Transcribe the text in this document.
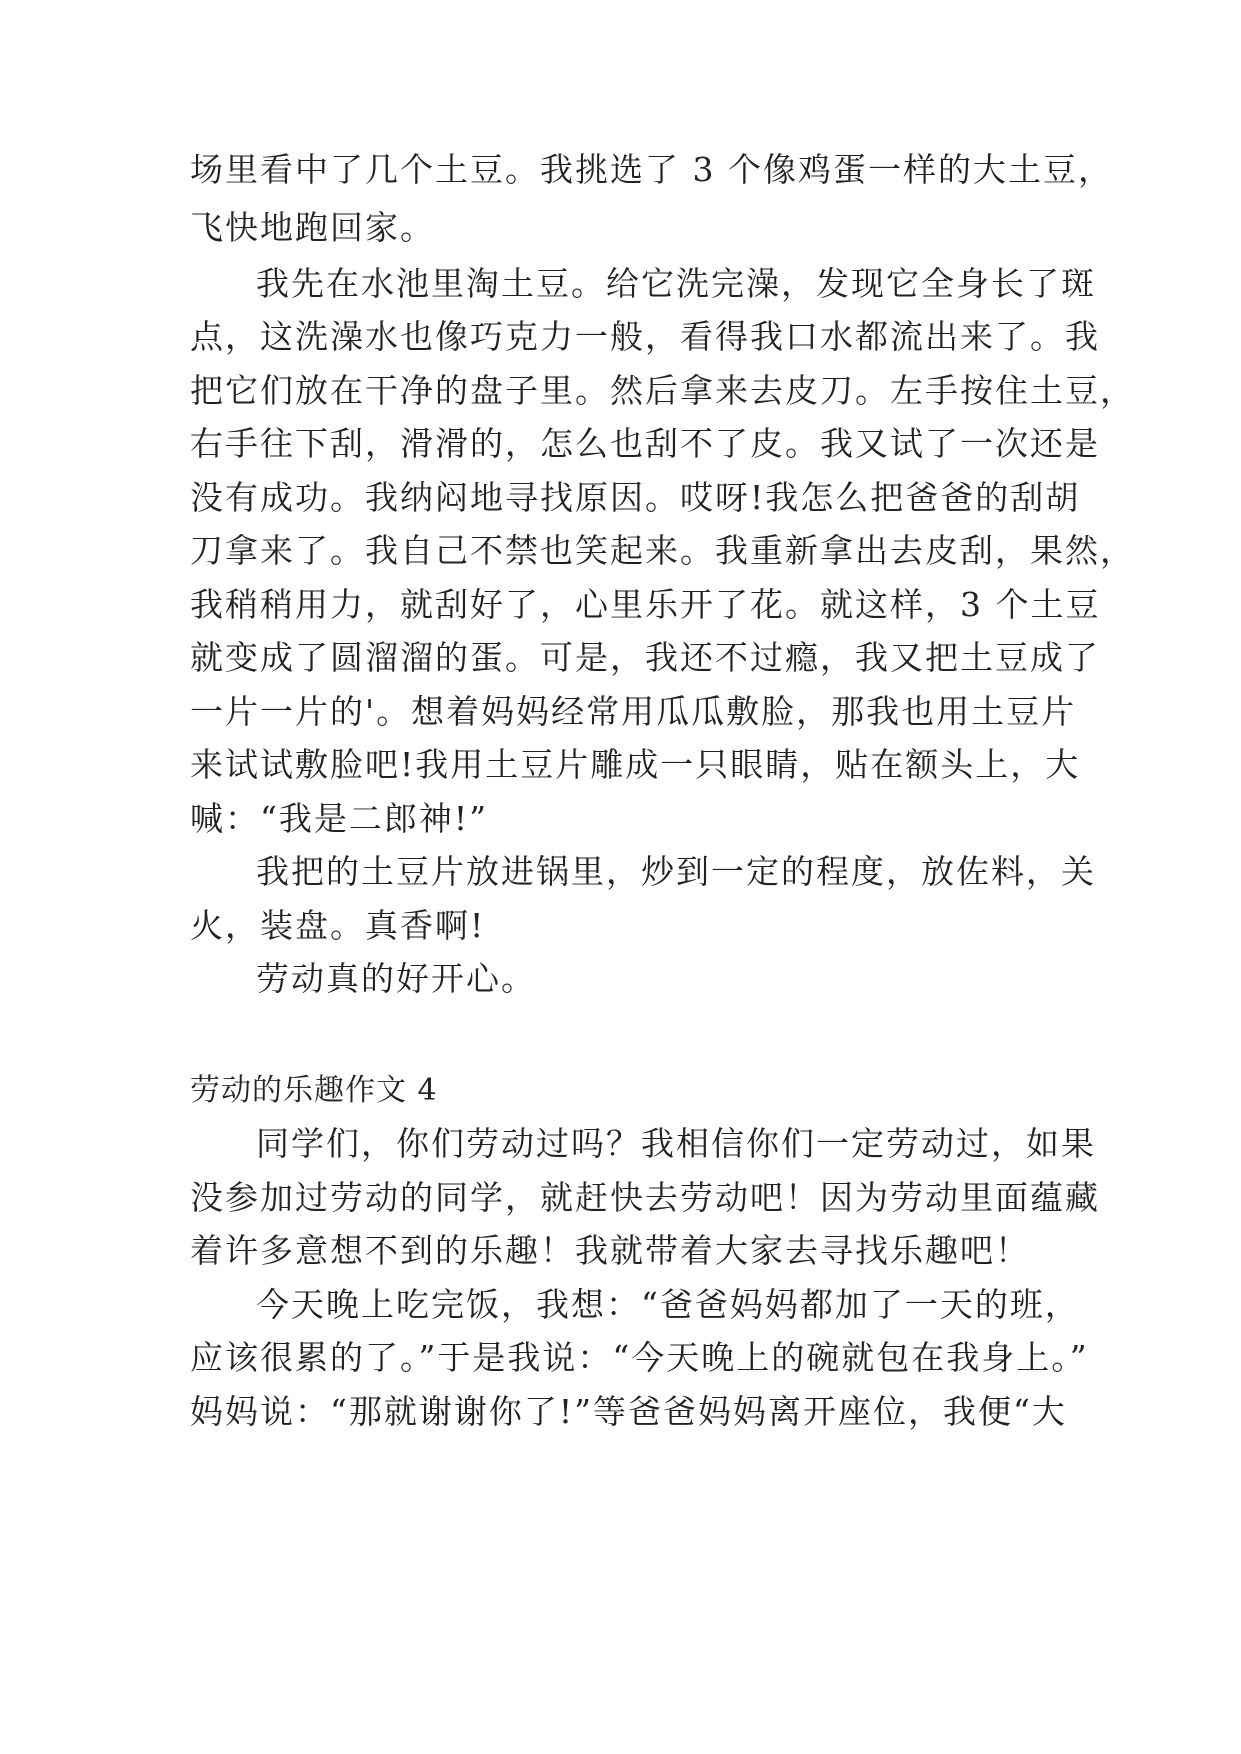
场里看中了几个土豆。我挑选了 3 个像鸡蛋一样的大土豆，
飞快地跑回家。
我先在水池里淘土豆。给它洗完澡，发现它全身长了斑
点，这洗澡水也像巧克力一般，看得我口水都流出来了。我
把它们放在干净的盘子里。然后拿来去皮刀。左手按住土豆，
右手往下刮，滑滑的，怎么也刮不了皮。我又试了一次还是
没有成功。我纳闷地寻找原因。哎呀!我怎么把爸爸的刮胡
刀拿来了。我自己不禁也笑起来。我重新拿出去皮刮，果然，
我稍稍用力，就刮好了，心里乐开了花。就这样，3 个土豆
就变成了圆溜溜的蛋。可是，我还不过瘾，我又把土豆成了
一片一片的'。想着妈妈经常用瓜瓜敷脸，那我也用土豆片
来试试敷脸吧!我用土豆片雕成一只眼睛，贴在额头上，大
喊：“我是二郎神!”
我把的土豆片放进锅里，炒到一定的程度，放佐料，关
火，装盘。真香啊!
劳动真的好开心。
劳动的乐趣作文 4
同学们，你们劳动过吗？我相信你们一定劳动过，如果
没参加过劳动的同学，就赶快去劳动吧！因为劳动里面蕴藏
着许多意想不到的乐趣！我就带着大家去寻找乐趣吧！
今天晚上吃完饭，我想：“爸爸妈妈都加了一天的班，
应该很累的了。”于是我说：“今天晚上的碗就包在我身上。”
妈妈说：“那就谢谢你了!”等爸爸妈妈离开座位，我便“大
